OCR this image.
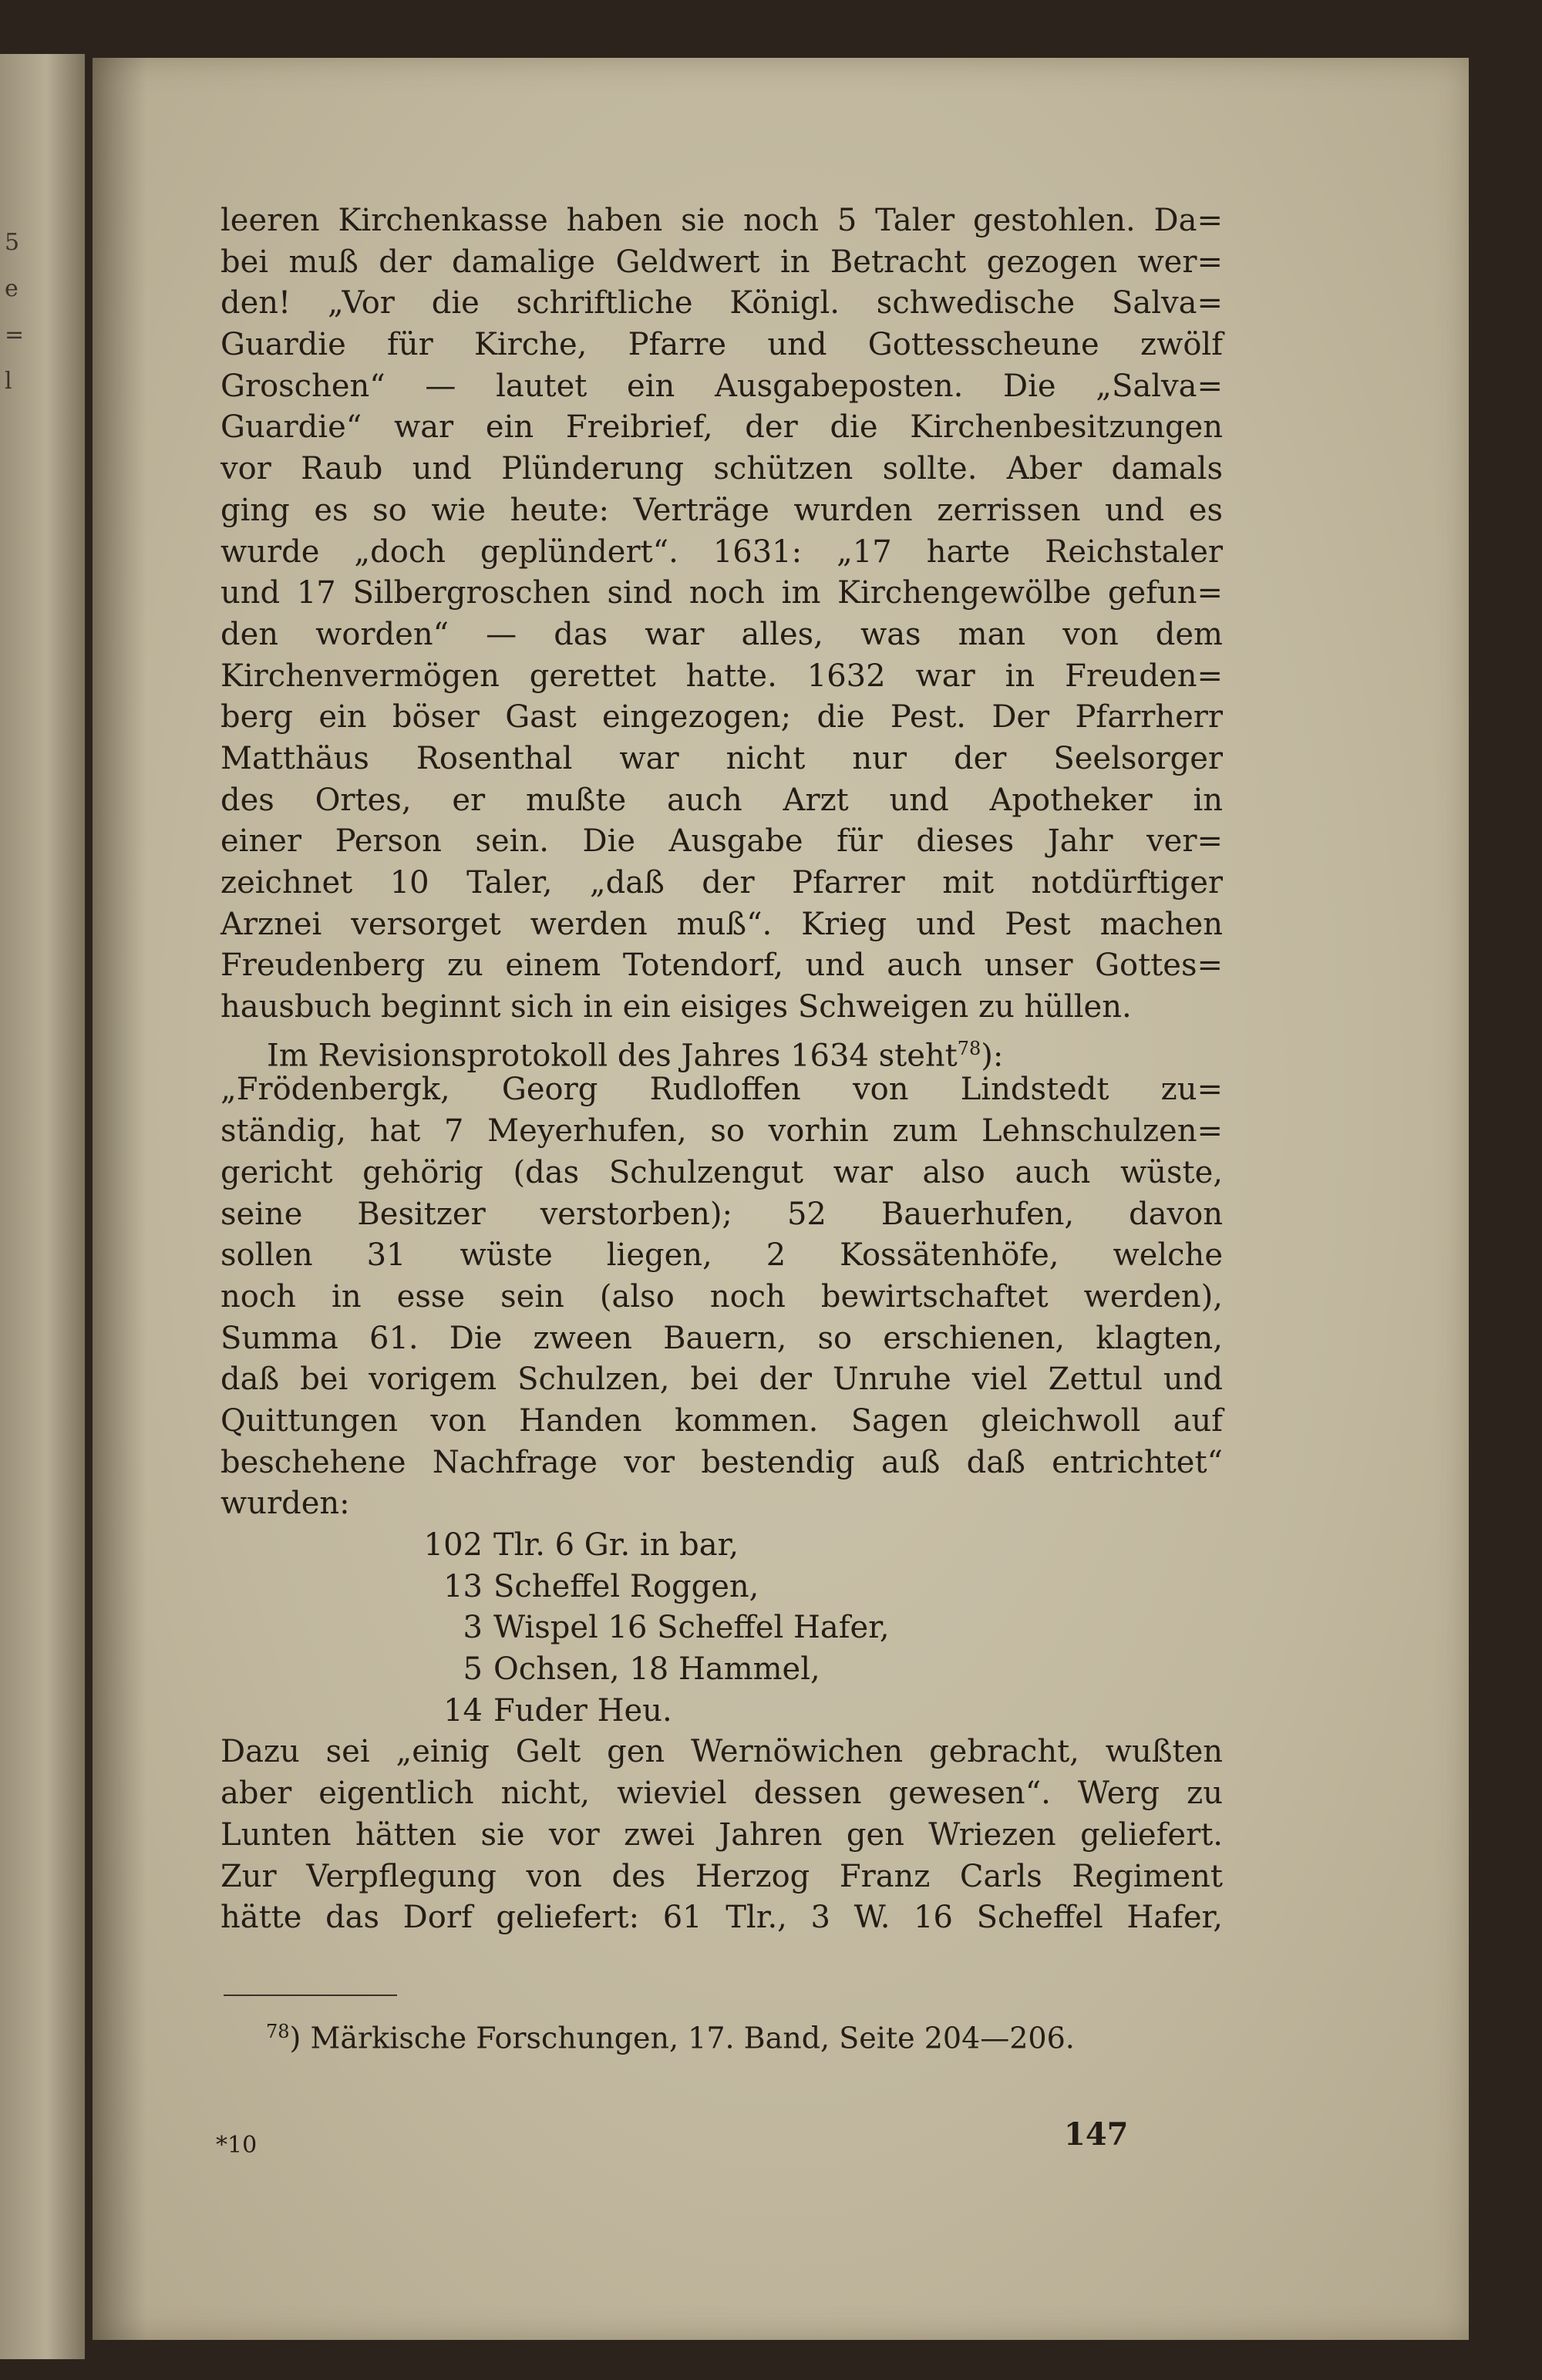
5
e
=
l
leeren Kirchenkasse haben sie noch 5 Taler gestohlen. Da=
bei muß der damalige Geldwert in Betracht gezogen wer=
den! „Vor die schriftliche Königl. schwedische Salva=
Guardie für Kirche, Pfarre und Gottesscheune zwölf
Groschen“ — lautet ein Ausgabeposten. Die „Salva=
Guardie“ war ein Freibrief, der die Kirchenbesitzungen
vor Raub und Plünderung schützen sollte. Aber damals
ging es so wie heute: Verträge wurden zerrissen und es
wurde „doch geplündert“. 1631: „17 harte Reichstaler
und 17 Silbergroschen sind noch im Kirchengewölbe gefun=
den worden“ — das war alles, was man von dem
Kirchenvermögen gerettet hatte. 1632 war in Freuden=
berg ein böser Gast eingezogen; die Pest. Der Pfarrherr
Matthäus Rosenthal war nicht nur der Seelsorger
des Ortes, er mußte auch Arzt und Apotheker in
einer Person sein. Die Ausgabe für dieses Jahr ver=
zeichnet 10 Taler, „daß der Pfarrer mit notdürftiger
Arznei versorget werden muß“. Krieg und Pest machen
Freudenberg zu einem Totendorf, und auch unser Gottes=
hausbuch beginnt sich in ein eisiges Schweigen zu hüllen.
Im Revisionsprotokoll des Jahres 1634 steht$^{78}$):
„Frödenbergk, Georg Rudloffen von Lindstedt zu=
ständig, hat 7 Meyerhufen, so vorhin zum Lehnschulzen=
gericht gehörig (das Schulzengut war also auch wüste,
seine Besitzer verstorben); 52 Bauerhufen, davon
sollen 31 wüste liegen, 2 Kossätenhöfe, welche
noch in esse sein (also noch bewirtschaftet werden),
Summa 61. Die zween Bauern, so erschienen, klagten,
daß bei vorigem Schulzen, bei der Unruhe viel Zettul und
Quittungen von Handen kommen. Sagen gleichwoll auf
beschehene Nachfrage vor bestendig auß daß entrichtet“
wurden:
102 Tlr. 6 Gr. in bar,
13 Scheffel Roggen,
3 Wispel 16 Scheffel Hafer,
5 Ochsen, 18 Hammel,
14 Fuder Heu.
Dazu sei „einig Gelt gen Wernöwichen gebracht, wußten
aber eigentlich nicht, wieviel dessen gewesen“. Werg zu
Lunten hätten sie vor zwei Jahren gen Wriezen geliefert.
Zur Verpflegung von des Herzog Franz Carls Regiment
hätte das Dorf geliefert: 61 Tlr., 3 W. 16 Scheffel Hafer,
$^{78}$) Märkische Forschungen, 17. Band, Seite 204—206.
*10	147
